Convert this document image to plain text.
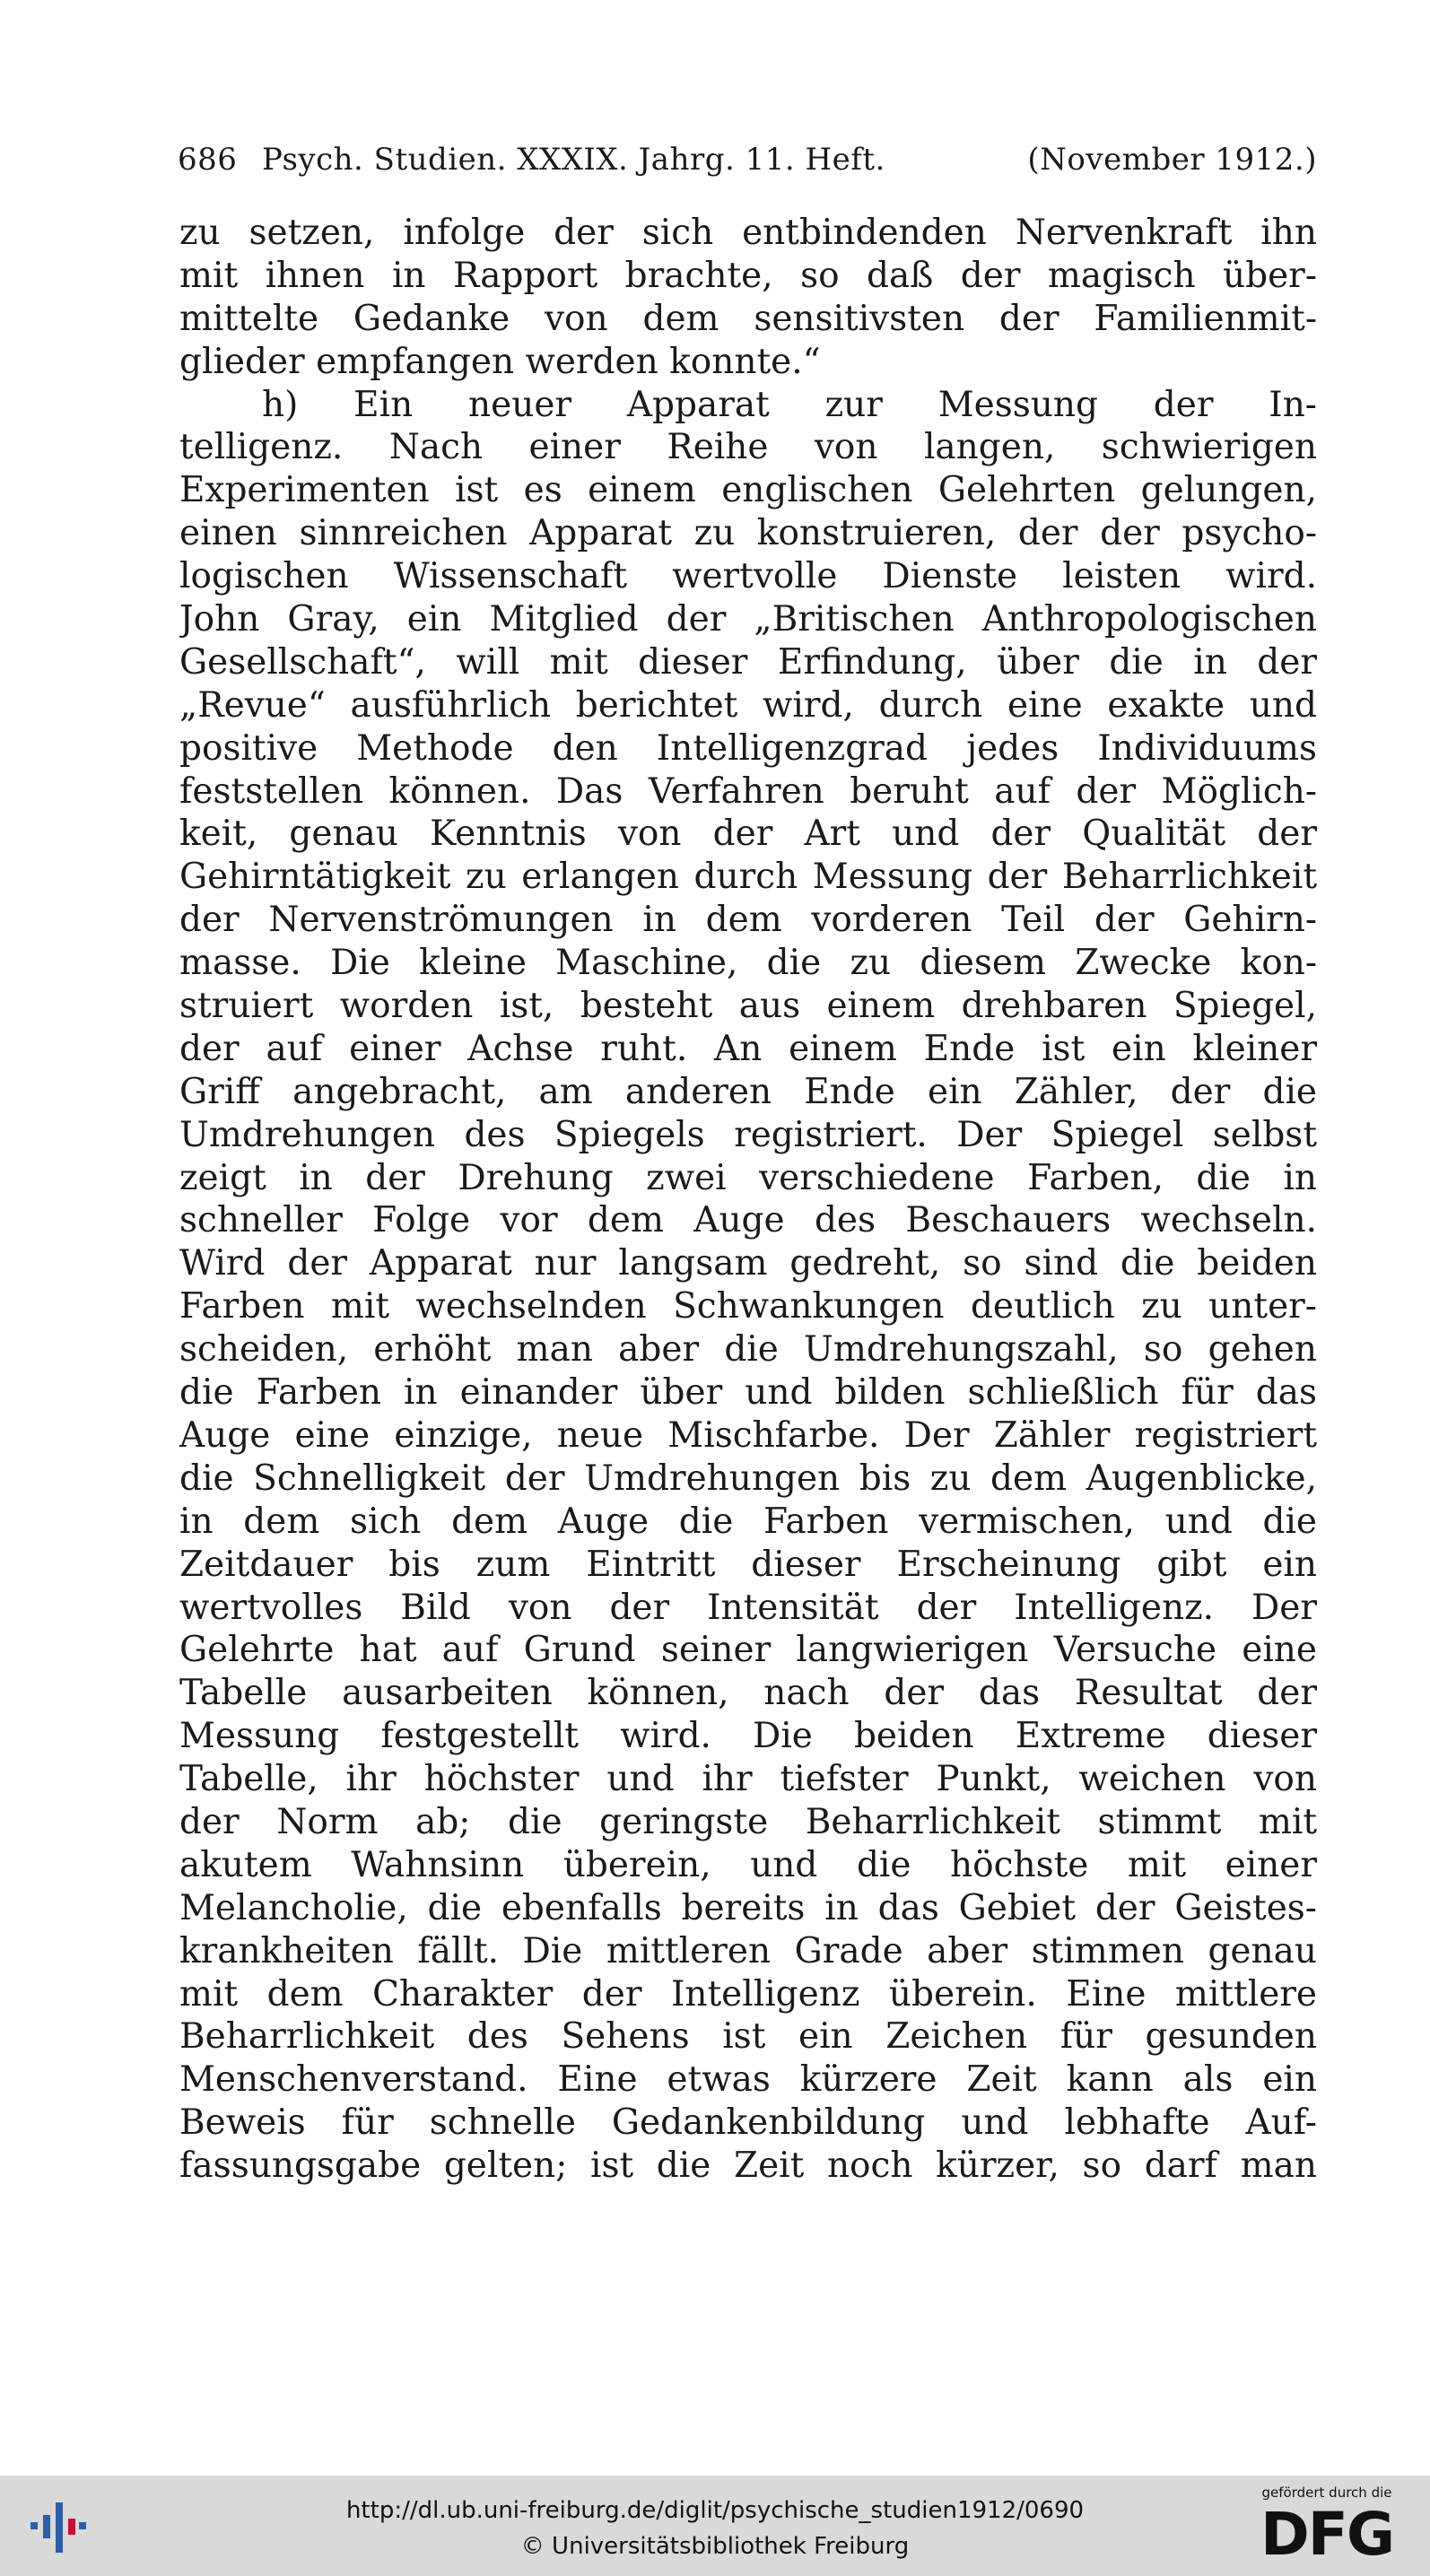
686 Psych. Studien. XXXIX. Jahrg. 11. Heft.	(November 1912.)
zu setzen, infolge der sich entbindenden Nervenkraft ihn
mit ihnen in Rapport brachte, so daß der magisch über-
mittelte Gedanke von dem sensitivsten der Familienmit-
glieder empfangen werden konnte.“
h) Ein neuer Apparat zur Messung der In-
telligenz. Nach einer Reihe von langen, schwierigen
Experimenten ist es einem englischen Gelehrten gelungen,
einen sinnreichen Apparat zu konstruieren, der der psycho-
logischen Wissenschaft wertvolle Dienste leisten wird.
John Gray, ein Mitglied der „Britischen Anthropologischen
Gesellschaft“, will mit dieser Erfindung, über die in der
„Revue“ ausführlich berichtet wird, durch eine exakte und
positive Methode den Intelligenzgrad jedes Individuums
feststellen können. Das Verfahren beruht auf der Möglich-
keit, genau Kenntnis von der Art und der Qualität der
Gehirntätigkeit zu erlangen durch Messung der Beharrlichkeit
der Nervenströmungen in dem vorderen Teil der Gehirn-
masse. Die kleine Maschine, die zu diesem Zwecke kon-
struiert worden ist, besteht aus einem drehbaren Spiegel,
der auf einer Achse ruht. An einem Ende ist ein kleiner
Griff angebracht, am anderen Ende ein Zähler, der die
Umdrehungen des Spiegels registriert. Der Spiegel selbst
zeigt in der Drehung zwei verschiedene Farben, die in
schneller Folge vor dem Auge des Beschauers wechseln.
Wird der Apparat nur langsam gedreht, so sind die beiden
Farben mit wechselnden Schwankungen deutlich zu unter-
scheiden, erhöht man aber die Umdrehungszahl, so gehen
die Farben in einander über und bilden schließlich für das
Auge eine einzige, neue Mischfarbe. Der Zähler registriert
die Schnelligkeit der Umdrehungen bis zu dem Augenblicke,
in dem sich dem Auge die Farben vermischen, und die
Zeitdauer bis zum Eintritt dieser Erscheinung gibt ein
wertvolles Bild von der Intensität der Intelligenz. Der
Gelehrte hat auf Grund seiner langwierigen Versuche eine
Tabelle ausarbeiten können, nach der das Resultat der
Messung festgestellt wird. Die beiden Extreme dieser
Tabelle, ihr höchster und ihr tiefster Punkt, weichen von
der Norm ab; die geringste Beharrlichkeit stimmt mit
akutem Wahnsinn überein, und die höchste mit einer
Melancholie, die ebenfalls bereits in das Gebiet der Geistes-
krankheiten fällt. Die mittleren Grade aber stimmen genau
mit dem Charakter der Intelligenz überein. Eine mittlere
Beharrlichkeit des Sehens ist ein Zeichen für gesunden
Menschenverstand. Eine etwas kürzere Zeit kann als ein
Beweis für schnelle Gedankenbildung und lebhafte Auf-
fassungsgabe gelten; ist die Zeit noch kürzer, so darf man
http://dl.ub.uni-freiburg.de/diglit/psychische_studien1912/0690
© Universitätsbibliothek Freiburg
gefördert durch die
DFG
